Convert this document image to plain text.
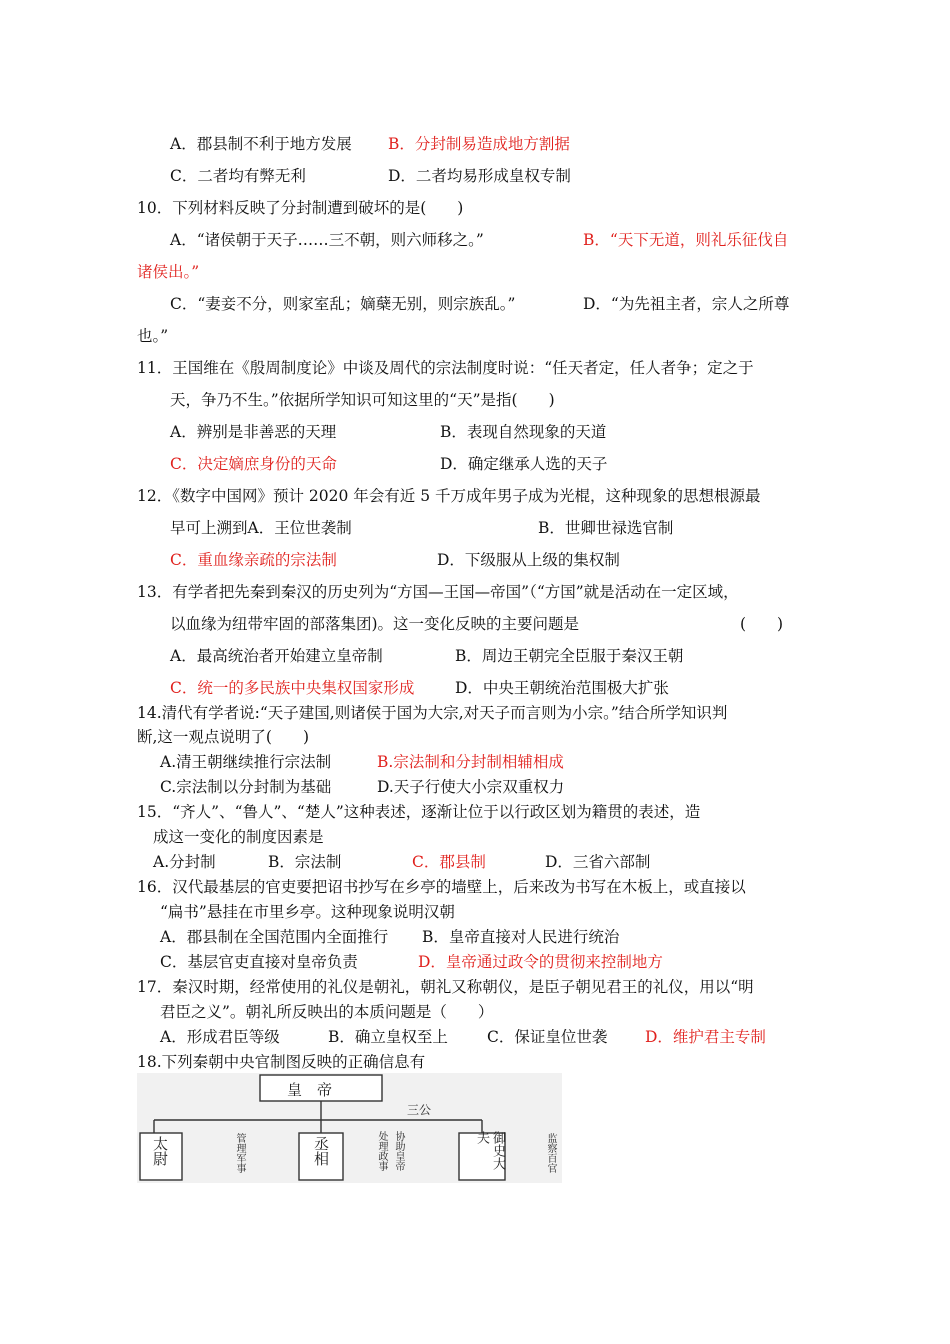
A．郡县制不利于地方发展 B．分封制易造成地方割据
C．二者均有弊无利	D．二者均易形成皇权专制
10．下列材料反映了分封制遭到破坏的是(　　)
A．“诸侯朝于天子……三不朝，则六师移之。”	B．“天下无道，则礼乐征伐自
诸侯出。”
C．“妻妾不分，则家室乱；嫡蘖无别，则宗族乱。”	D．“为先祖主者，宗人之所尊
也。”
11．王国维在《殷周制度论》中谈及周代的宗法制度时说：“任天者定，任人者争；定之于
天，争乃不生。”依据所学知识可知这里的“天”是指(　　)
A．辨别是非善恶的天理	B．表现自然现象的天道
C．决定嫡庶身份的天命	D．确定继承人选的天子
12．《数字中国网》预计 2020 年会有近 5 千万成年男子成为光棍，这种现象的思想根源最
早可上溯到A．王位世袭制	B．世卿世禄选官制
C．重血缘亲疏的宗法制	D．下级服从上级的集权制
13．有学者把先秦到秦汉的历史列为“方国—王国—帝国”（“方国”就是活动在一定区域，
以血缘为纽带牢固的部落集团)。这一变化反映的主要问题是	(　　)
A．最高统治者开始建立皇帝制	B．周边王朝完全臣服于秦汉王朝
C．统一的多民族中央集权国家形成	D．中央王朝统治范围极大扩张
14.清代有学者说:“天子建国,则诸侯于国为大宗,对天子而言则为小宗。”结合所学知识判
断,这一观点说明了(　　)
A.清王朝继续推行宗法制	B.宗法制和分封制相辅相成
C.宗法制以分封制为基础	D.天子行使大小宗双重权力
15．“齐人”、“鲁人”、“楚人”这种表述，逐渐让位于以行政区划为籍贯的表述，造
成这一变化的制度因素是
A.分封制	B．宗法制	C．郡县制	D．三省六部制
16．汉代最基层的官吏要把诏书抄写在乡亭的墙壁上，后来改为书写在木板上，或直接以
“扁书”悬挂在市里乡亭。这种现象说明汉朝
A．郡县制在全国范围内全面推行 B．皇帝直接对人民进行统治
C．基层官吏直接对皇帝负责	D．皇帝通过政令的贯彻来控制地方
17．秦汉时期，经常使用的礼仪是朝礼，朝礼又称朝仪，是臣子朝见君王的礼仪，用以“明
君臣之义”。朝礼所反映出的本质问题是（　　）
A．形成君臣等级	B．确立皇权至上	C．保证皇位世袭 D．维护君主专制
18.下列秦朝中央官制图反映的正确信息有
皇　帝
三公
太尉	管理军事	丞相	协助皇帝
处理政事	御史大夫	监察百官
